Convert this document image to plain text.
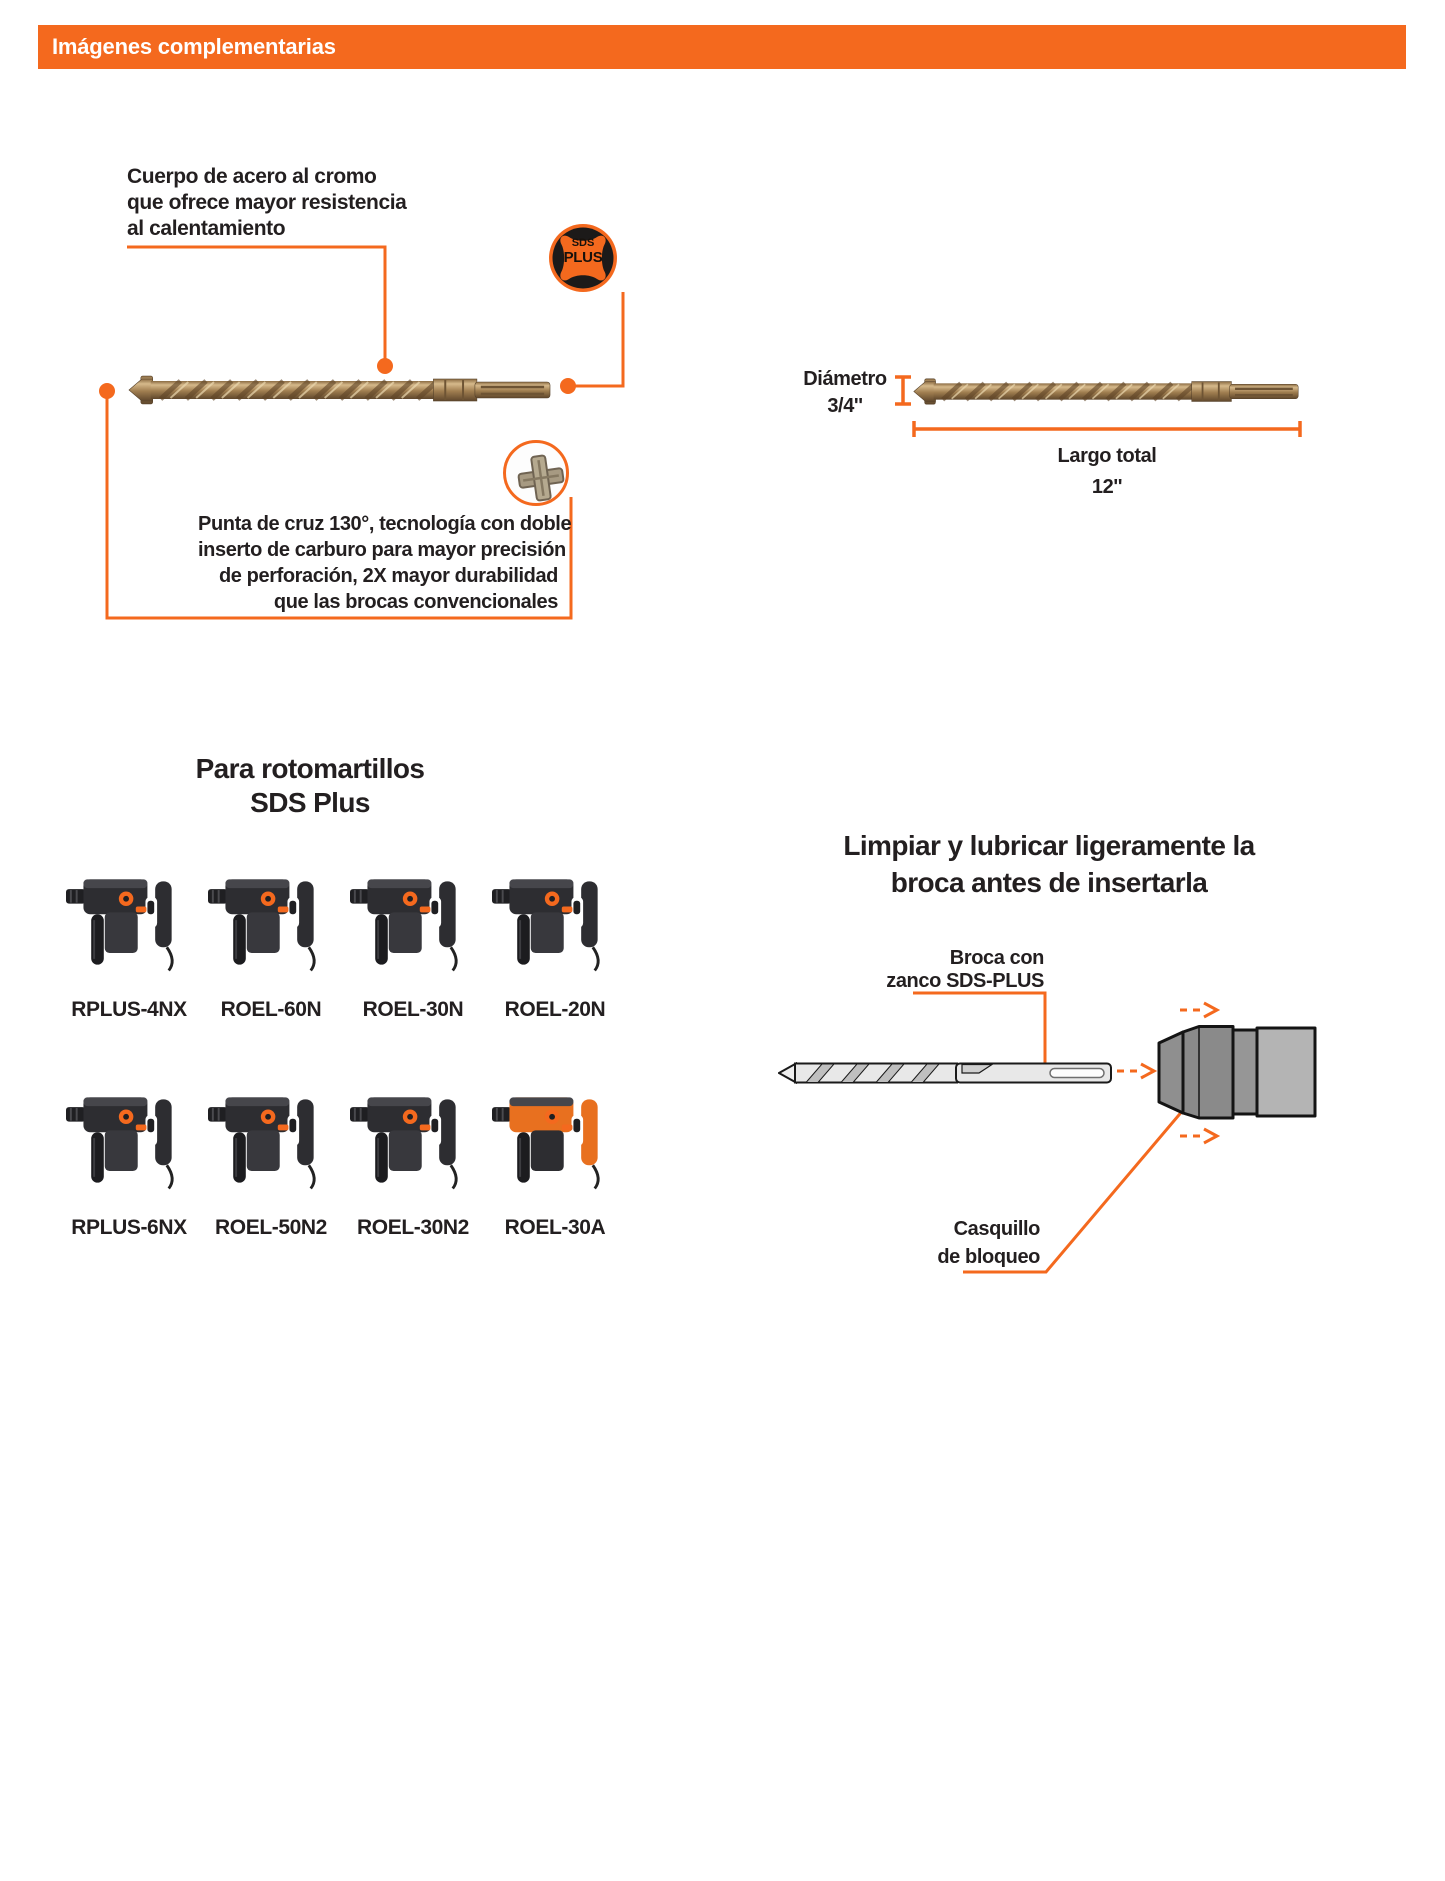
Imágenes complementarias
Cuerpo de acero al cromo
que ofrece mayor resistencia
al calentamiento
SDS
PLUS
Punta de cruz 130°, tecnología con doble
inserto de carburo para mayor precisión
de perforación, 2X mayor durabilidad
que las brocas convencionales
Diámetro
3/4''
Largo total
12''
Para rotomartillos
SDS Plus
RPLUS-4NX ROEL-60N ROEL-30N ROEL-20N
RPLUS-6NX ROEL-50N2 ROEL-30N2 ROEL-30A
Limpiar y lubricar ligeramente la
broca antes de insertarla
Broca con
zanco SDS-PLUS
Casquillo
de bloqueo
